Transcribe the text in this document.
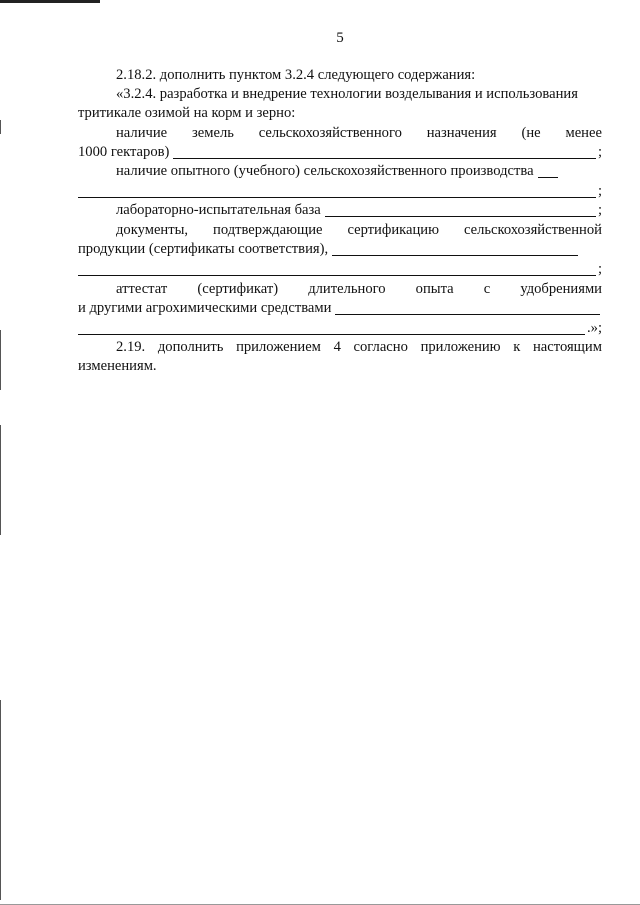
5
2.18.2. дополнить пунктом 3.2.4 следующего содержания:
«3.2.4. разработка и внедрение технологии возделывания и использования
тритикале озимой на корм и зерно:
наличие земель сельскохозяйственного назначения (не менее
1000 гектаров)	;
наличие опытного (учебного) сельскохозяйственного производства
;
лабораторно-испытательная база	;
документы, подтверждающие сертификацию сельскохозяйственной
продукции (сертификаты соответствия),
;
аттестат (сертификат) длительного опыта с удобрениями
и другими агрохимическими средствами
.»;
2.19. дополнить приложением 4 согласно приложению к настоящим
изменениям.
